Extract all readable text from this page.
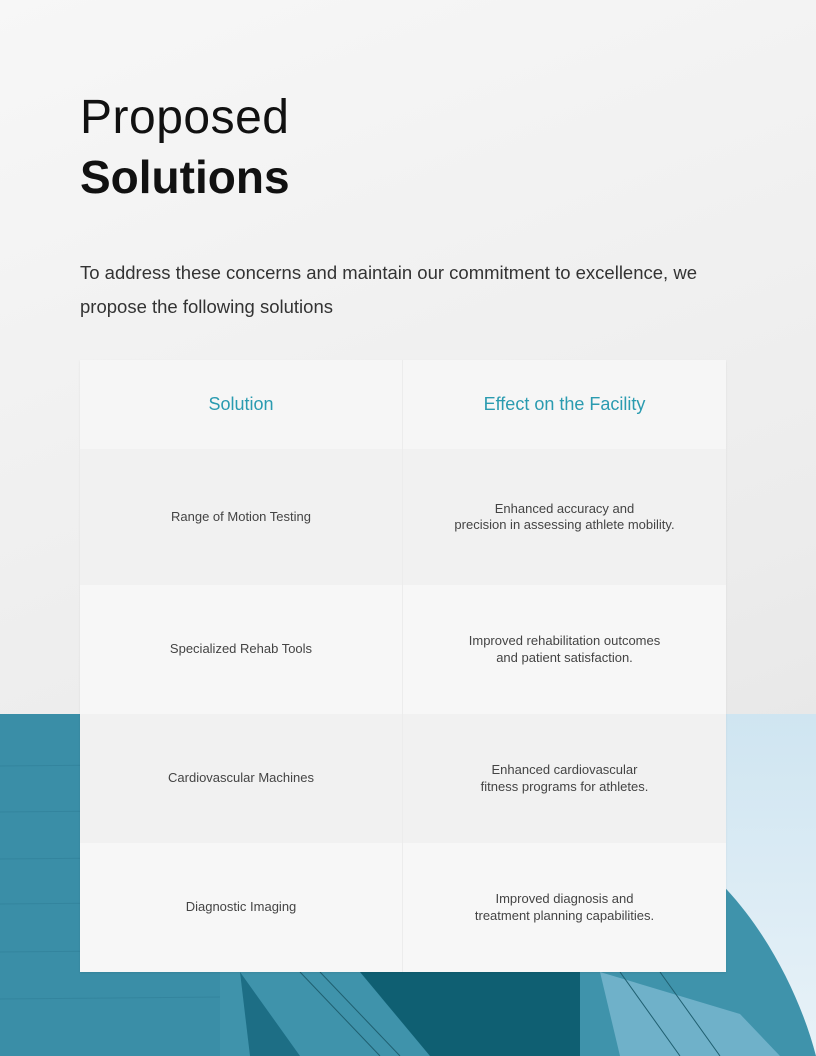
Proposed
Solutions

To address these concerns and maintain our commitment to excellence, we propose the following solutions

Solution	Effect on the Facility
Range of Motion Testing
Enhanced accuracy and
precision in assessing athlete mobility.
Specialized Rehab Tools
Improved rehabilitation outcomes
and patient satisfaction.
Cardiovascular Machines
Enhanced cardiovascular
fitness programs for athletes.
Diagnostic Imaging
Improved diagnosis and
treatment planning capabilities.
